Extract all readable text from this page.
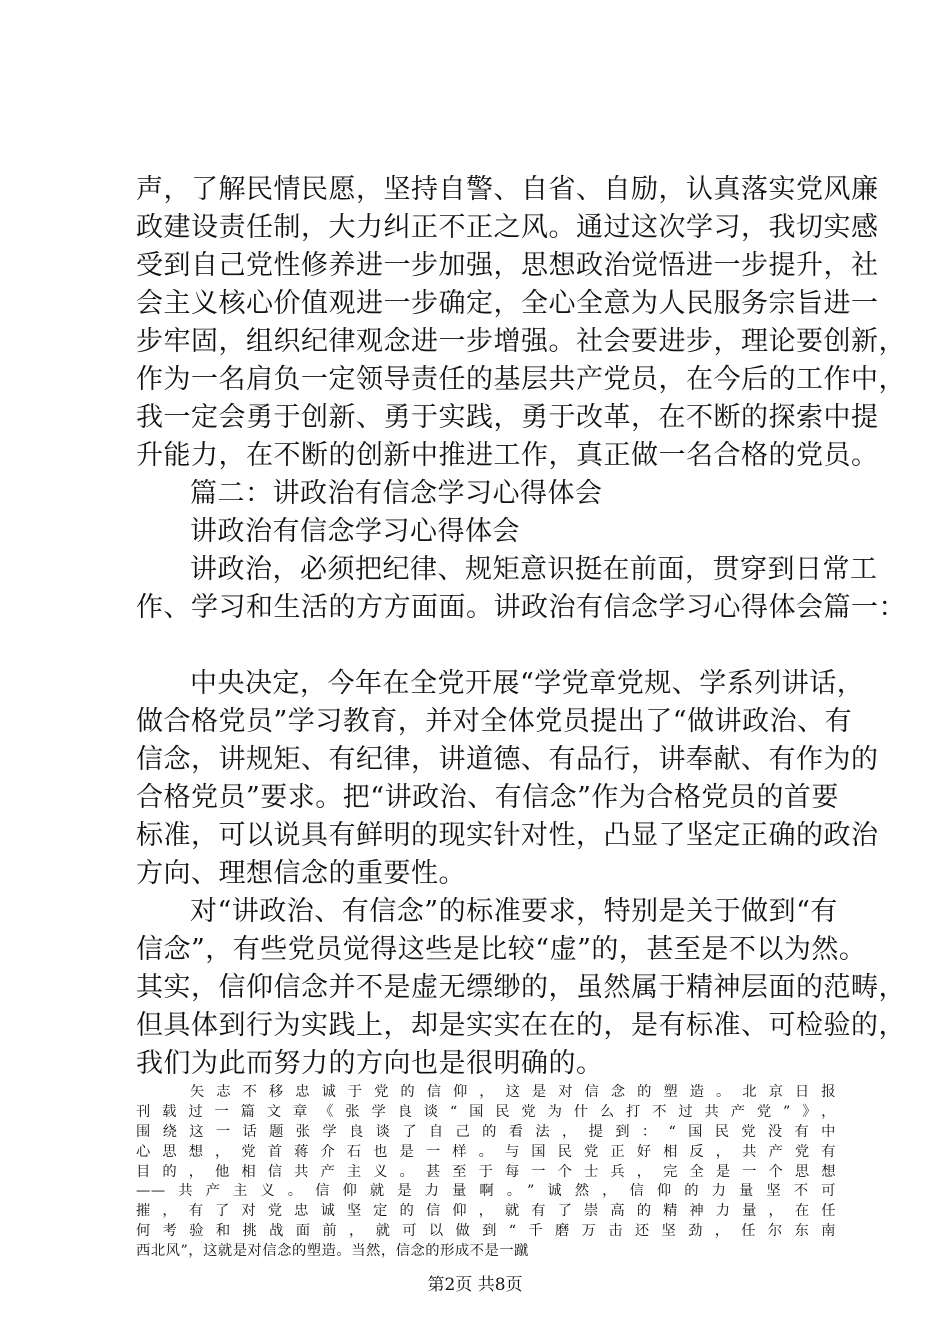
声，了解民情民愿，坚持自警、自省、自励，认真落实党风廉
政建设责任制，大力纠正不正之风。通过这次学习，我切实感
受到自己党性修养进一步加强，思想政治觉悟进一步提升，社
会主义核心价值观进一步确定，全心全意为人民服务宗旨进一
步牢固，组织纪律观念进一步增强。社会要进步，理论要创新，
作为一名肩负一定领导责任的基层共产党员，在今后的工作中，
我一定会勇于创新、勇于实践，勇于改革，在不断的探索中提
升能力，在不断的创新中推进工作，真正做一名合格的党员。
篇二：讲政治有信念学习心得体会
讲政治有信念学习心得体会
讲政治，必须把纪律、规矩意识挺在前面，贯穿到日常工
作、学习和生活的方方面面。讲政治有信念学习心得体会篇一：
中央决定，今年在全党开展“学党章党规、学系列讲话，
做合格党员”学习教育，并对全体党员提出了“做讲政治、有
信念，讲规矩、有纪律，讲道德、有品行，讲奉献、有作为的
合格党员”要求。把“讲政治、有信念”作为合格党员的首要
标准，可以说具有鲜明的现实针对性，凸显了坚定正确的政治
方向、理想信念的重要性。
对“讲政治、有信念”的标准要求，特别是关于做到“有
信念”，有些党员觉得这些是比较“虚”的，甚至是不以为然。
其实，信仰信念并不是虚无缥缈的，虽然属于精神层面的范畴，
但具体到行为实践上，却是实实在在的，是有标准、可检验的，
我们为此而努力的方向也是很明确的。
矢志不移忠诚于党的信仰，这是对信念的塑造。北京日报
刊载过一篇文章《张学良谈“国民党为什么打不过共产党”》，
围绕这一话题张学良谈了自己的看法，提到：“国民党没有中
心思想，党首蒋介石也是一样。与国民党正好相反，共产党有
目的，他相信共产主义。甚至于每一个士兵，完全是一个思想
——共产主义。信仰就是力量啊。”诚然，信仰的力量坚不可
摧，有了对党忠诚坚定的信仰，就有了崇高的精神力量，在任
何考验和挑战面前，就可以做到“千磨万击还坚劲，任尔东南
西北风”，这就是对信念的塑造。当然，信念的形成不是一蹴
第2页 共8页
